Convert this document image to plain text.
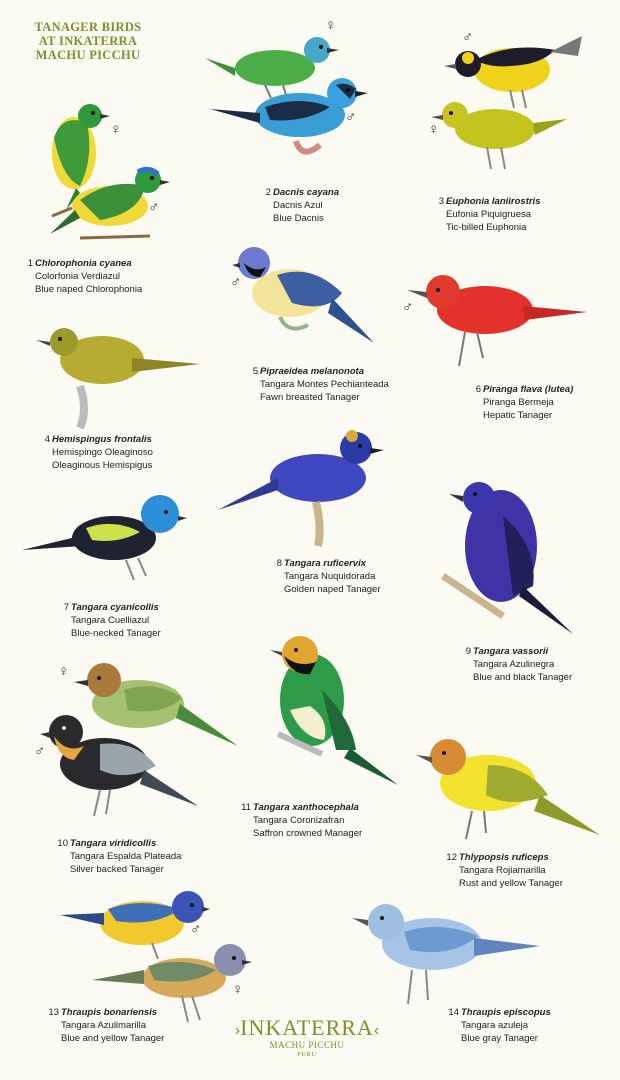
TANAGER BIRDS
AT INKATERRA
MACHU PICCHU
♀
♂
♀
♂
♂
♀
♂
♂
♀
♂
♂
♀
1 Chlorophonia cyanea
Colorfonia Verdiazul
Blue naped Chlorophonia
2 Dacnis cayana
Dacnis Azul
Blue Dacnis
3 Euphonia laniirostris
Eufonia Piquigruesa
Tic-billed Euphonia
4 Hemispingus frontalis
Hemispingo Oleaginoso
Oleaginous Hemispigus
5 Pipraeidea melanonota
Tangara Montes Pechianteada
Fawn breasted Tanager
6 Piranga flava (lutea)
Piranga Bermeja
Hepatic Tanager
7 Tangara cyanicollis
Tangara Cuelliazul
Blue-necked Tanager
8 Tangara ruficervix
Tangara Nuquidorada
Golden naped Tanager
9 Tangara vassorii
Tangara Azulinegra
Blue and black Tanager
10 Tangara viridicollis
Tangara Espalda Plateada
Silver backed Tanager
11 Tangara xanthocephala
Tangara Coronizafran
Saffron crowned Manager
12 Thlypopsis ruficeps
Tangara Rojiamarilla
Rust and yellow Tanager
13 Thraupis bonariensis
Tangara Azulimarilla
Blue and yellow Tanager
14 Thraupis episcopus
Tangara azuleja
Blue gray Tanager
›INKATERRA‹
MACHU PICCHU
PERU
